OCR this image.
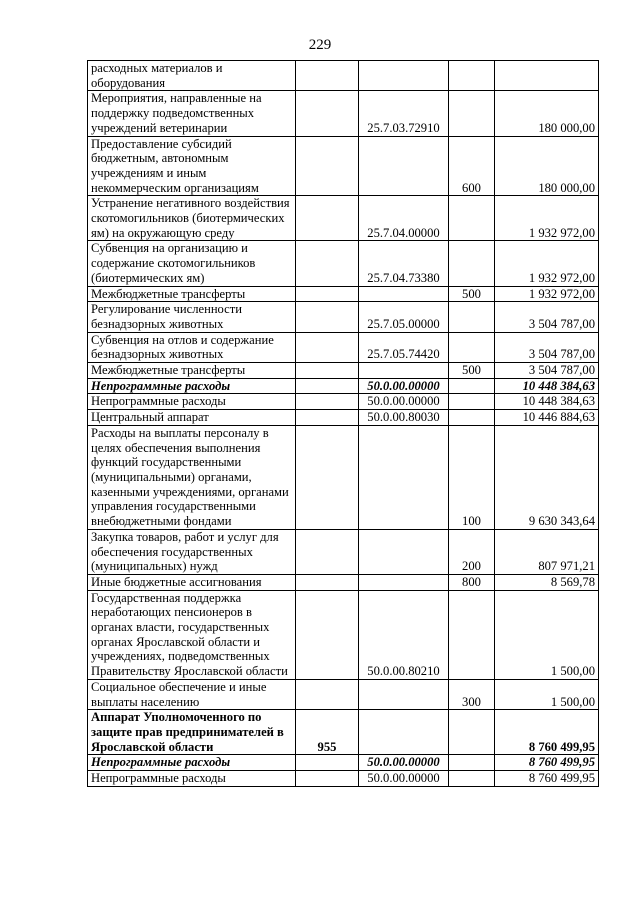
229
расходных материалов и оборудования				
Мероприятия, направленные на поддержку подведомственных учреждений ветеринарии		25.7.03.72910		180 000,00
Предоставление субсидий бюджетным, автономным учреждениям и иным некоммерческим организациям			600	180 000,00
Устранение негативного воздействия скотомогильников (биотермических ям) на окружающую среду		25.7.04.00000		1 932 972,00
Субвенция на организацию и содержание скотомогильников (биотермических ям)		25.7.04.73380		1 932 972,00
Межбюджетные трансферты			500	1 932 972,00
Регулирование численности безнадзорных животных		25.7.05.00000		3 504 787,00
Субвенция на отлов и содержание безнадзорных животных		25.7.05.74420		3 504 787,00
Межбюджетные трансферты			500	3 504 787,00
Непрограммные расходы		50.0.00.00000		10 448 384,63
Непрограммные расходы		50.0.00.00000		10 448 384,63
Центральный аппарат		50.0.00.80030		10 446 884,63
Расходы на выплаты персоналу в целях обеспечения выполнения функций государственными (муниципальными) органами, казенными учреждениями, органами управления государственными внебюджетными фондами			100	9 630 343,64
Закупка товаров, работ и услуг для обеспечения государственных (муниципальных) нужд			200	807 971,21
Иные бюджетные ассигнования			800	8 569,78
Государственная поддержка неработающих пенсионеров в органах власти, государственных органах Ярославской области и учреждениях, подведомственных Правительству Ярославской области		50.0.00.80210		1 500,00
Социальное обеспечение и иные выплаты населению			300	1 500,00
Аппарат Уполномоченного по защите прав предпринимателей в Ярославской области	955			8 760 499,95
Непрограммные расходы		50.0.00.00000		8 760 499,95
Непрограммные расходы		50.0.00.00000		8 760 499,95
